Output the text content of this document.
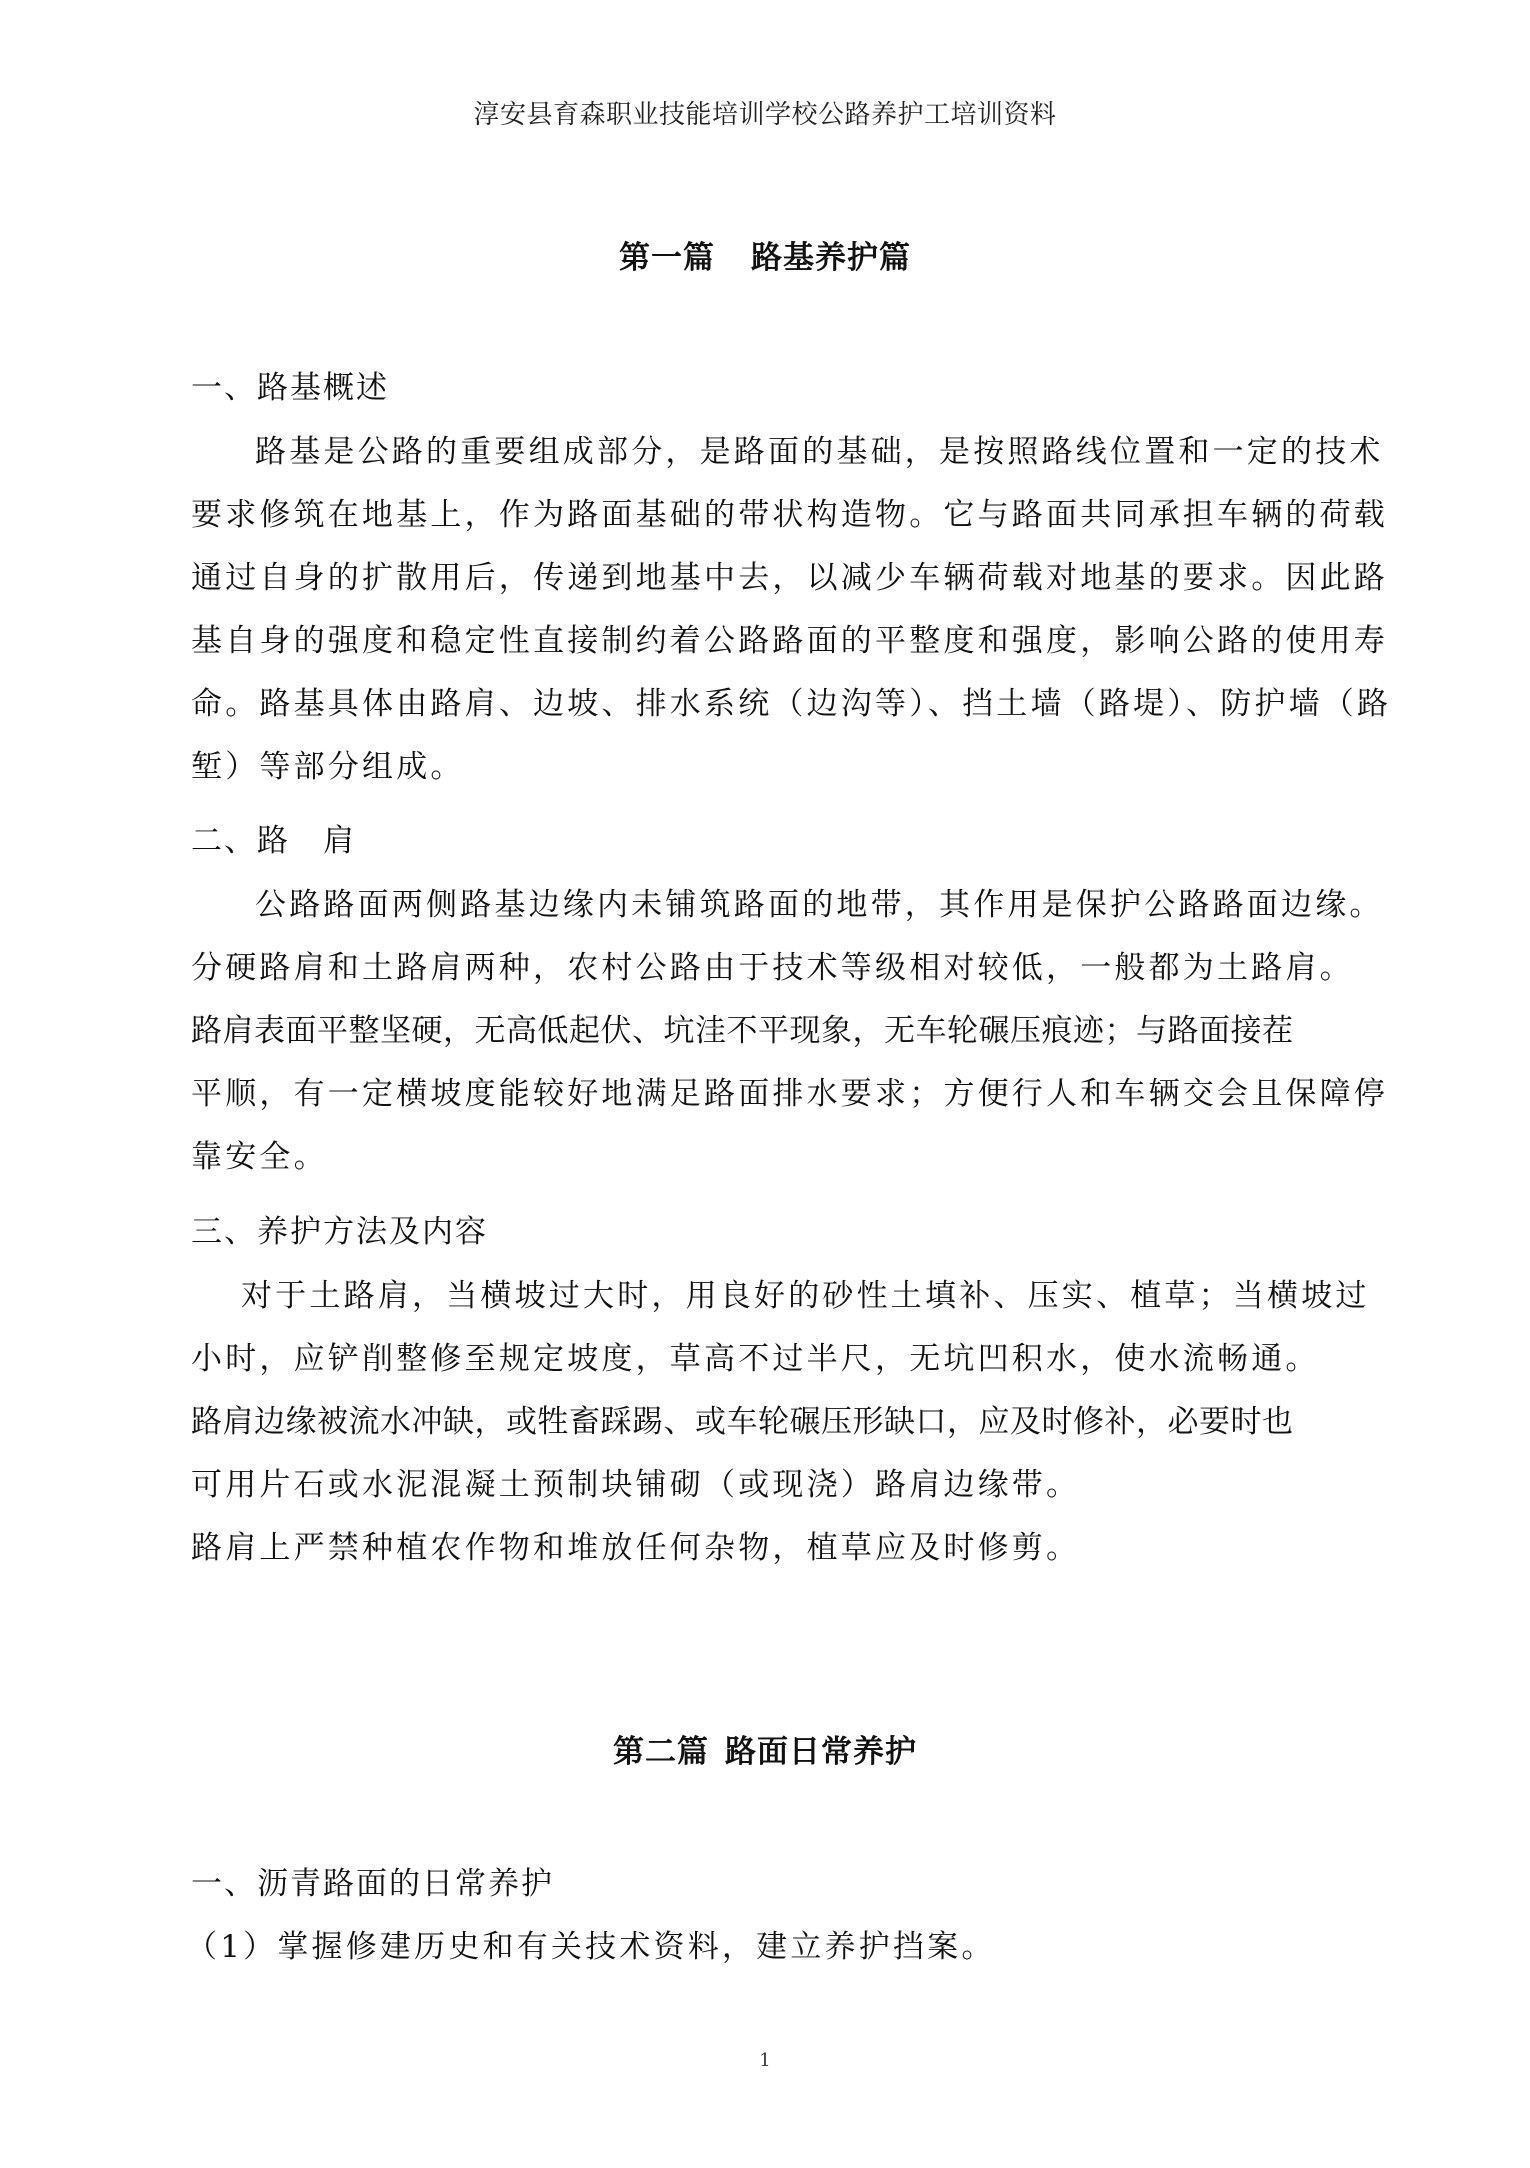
淳安县育森职业技能培训学校公路养护工培训资料
第一篇 路基养护篇
一、路基概述
路基是公路的重要组成部分，是路面的基础，是按照路线位置和一定的技术
要求修筑在地基上，作为路面基础的带状构造物。它与路面共同承担车辆的荷载
通过自身的扩散用后，传递到地基中去，以减少车辆荷载对地基的要求。因此路
基自身的强度和稳定性直接制约着公路路面的平整度和强度，影响公路的使用寿
命。路基具体由路肩、边坡、排水系统（边沟等）、挡土墙（路堤）、防护墙（路
堑）等部分组成。
二、路　肩
公路路面两侧路基边缘内未铺筑路面的地带，其作用是保护公路路面边缘。
分硬路肩和土路肩两种，农村公路由于技术等级相对较低，一般都为土路肩。
路肩表面平整坚硬，无高低起伏、坑洼不平现象，无车轮碾压痕迹；与路面接茬
平顺，有一定横坡度能较好地满足路面排水要求；方便行人和车辆交会且保障停
靠安全。
三、养护方法及内容
对于土路肩，当横坡过大时，用良好的砂性土填补、压实、植草；当横坡过
小时，应铲削整修至规定坡度，草高不过半尺，无坑凹积水，使水流畅通。
路肩边缘被流水冲缺，或牲畜踩踢、或车轮碾压形缺口，应及时修补，必要时也
可用片石或水泥混凝土预制块铺砌（或现浇）路肩边缘带。
路肩上严禁种植农作物和堆放任何杂物，植草应及时修剪。
第二篇 路面日常养护
一、沥青路面的日常养护
（1）掌握修建历史和有关技术资料，建立养护挡案。
1
